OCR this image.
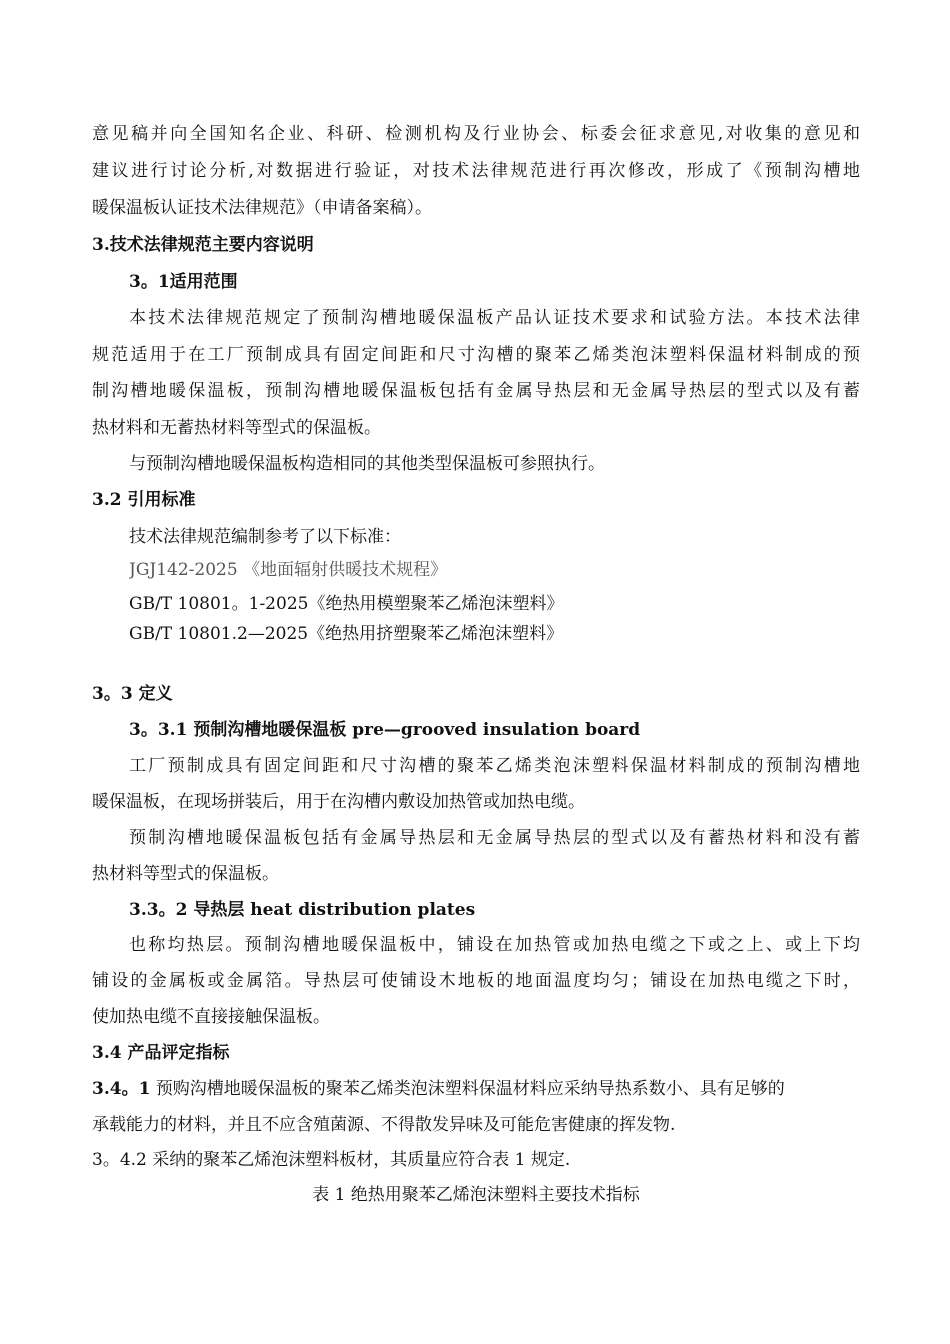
意见稿并向全国知名企业、科研、检测机构及行业协会、标委会征求意见,对收集的意见和
建议进行讨论分析,对数据进行验证，对技术法律规范进行再次修改，形成了《预制沟槽地
暖保温板认证技术法律规范》（申请备案稿）。
3.技术法律规范主要内容说明
3。1适用范围
本技术法律规范规定了预制沟槽地暖保温板产品认证技术要求和试验方法。本技术法律
规范适用于在工厂预制成具有固定间距和尺寸沟槽的聚苯乙烯类泡沫塑料保温材料制成的预
制沟槽地暖保温板，预制沟槽地暖保温板包括有金属导热层和无金属导热层的型式以及有蓄
热材料和无蓄热材料等型式的保温板。
与预制沟槽地暖保温板构造相同的其他类型保温板可参照执行。
3.2 引用标准
技术法律规范编制参考了以下标准：
JGJ142-2025 《地面辐射供暖技术规程》
GB/T 10801。1-2025《绝热用模塑聚苯乙烯泡沫塑料》
GB/T 10801.2—2025《绝热用挤塑聚苯乙烯泡沫塑料》
3。3 定义
3。3.1 预制沟槽地暖保温板 pre—grooved insulation board
工厂预制成具有固定间距和尺寸沟槽的聚苯乙烯类泡沫塑料保温材料制成的预制沟槽地
暖保温板，在现场拼装后，用于在沟槽内敷设加热管或加热电缆。
预制沟槽地暖保温板包括有金属导热层和无金属导热层的型式以及有蓄热材料和没有蓄
热材料等型式的保温板。
3.3。2 导热层 heat distribution plates
也称均热层。预制沟槽地暖保温板中，铺设在加热管或加热电缆之下或之上、或上下均
铺设的金属板或金属箔。导热层可使铺设木地板的地面温度均匀；铺设在加热电缆之下时，
使加热电缆不直接接触保温板。
3.4 产品评定指标
3.4。1 预购沟槽地暖保温板的聚苯乙烯类泡沫塑料保温材料应采纳导热系数小、具有足够的
承载能力的材料，并且不应含殖菌源、不得散发异味及可能危害健康的挥发物.
3。4.2 采纳的聚苯乙烯泡沫塑料板材，其质量应符合表 1 规定.
表 1 绝热用聚苯乙烯泡沫塑料主要技术指标
